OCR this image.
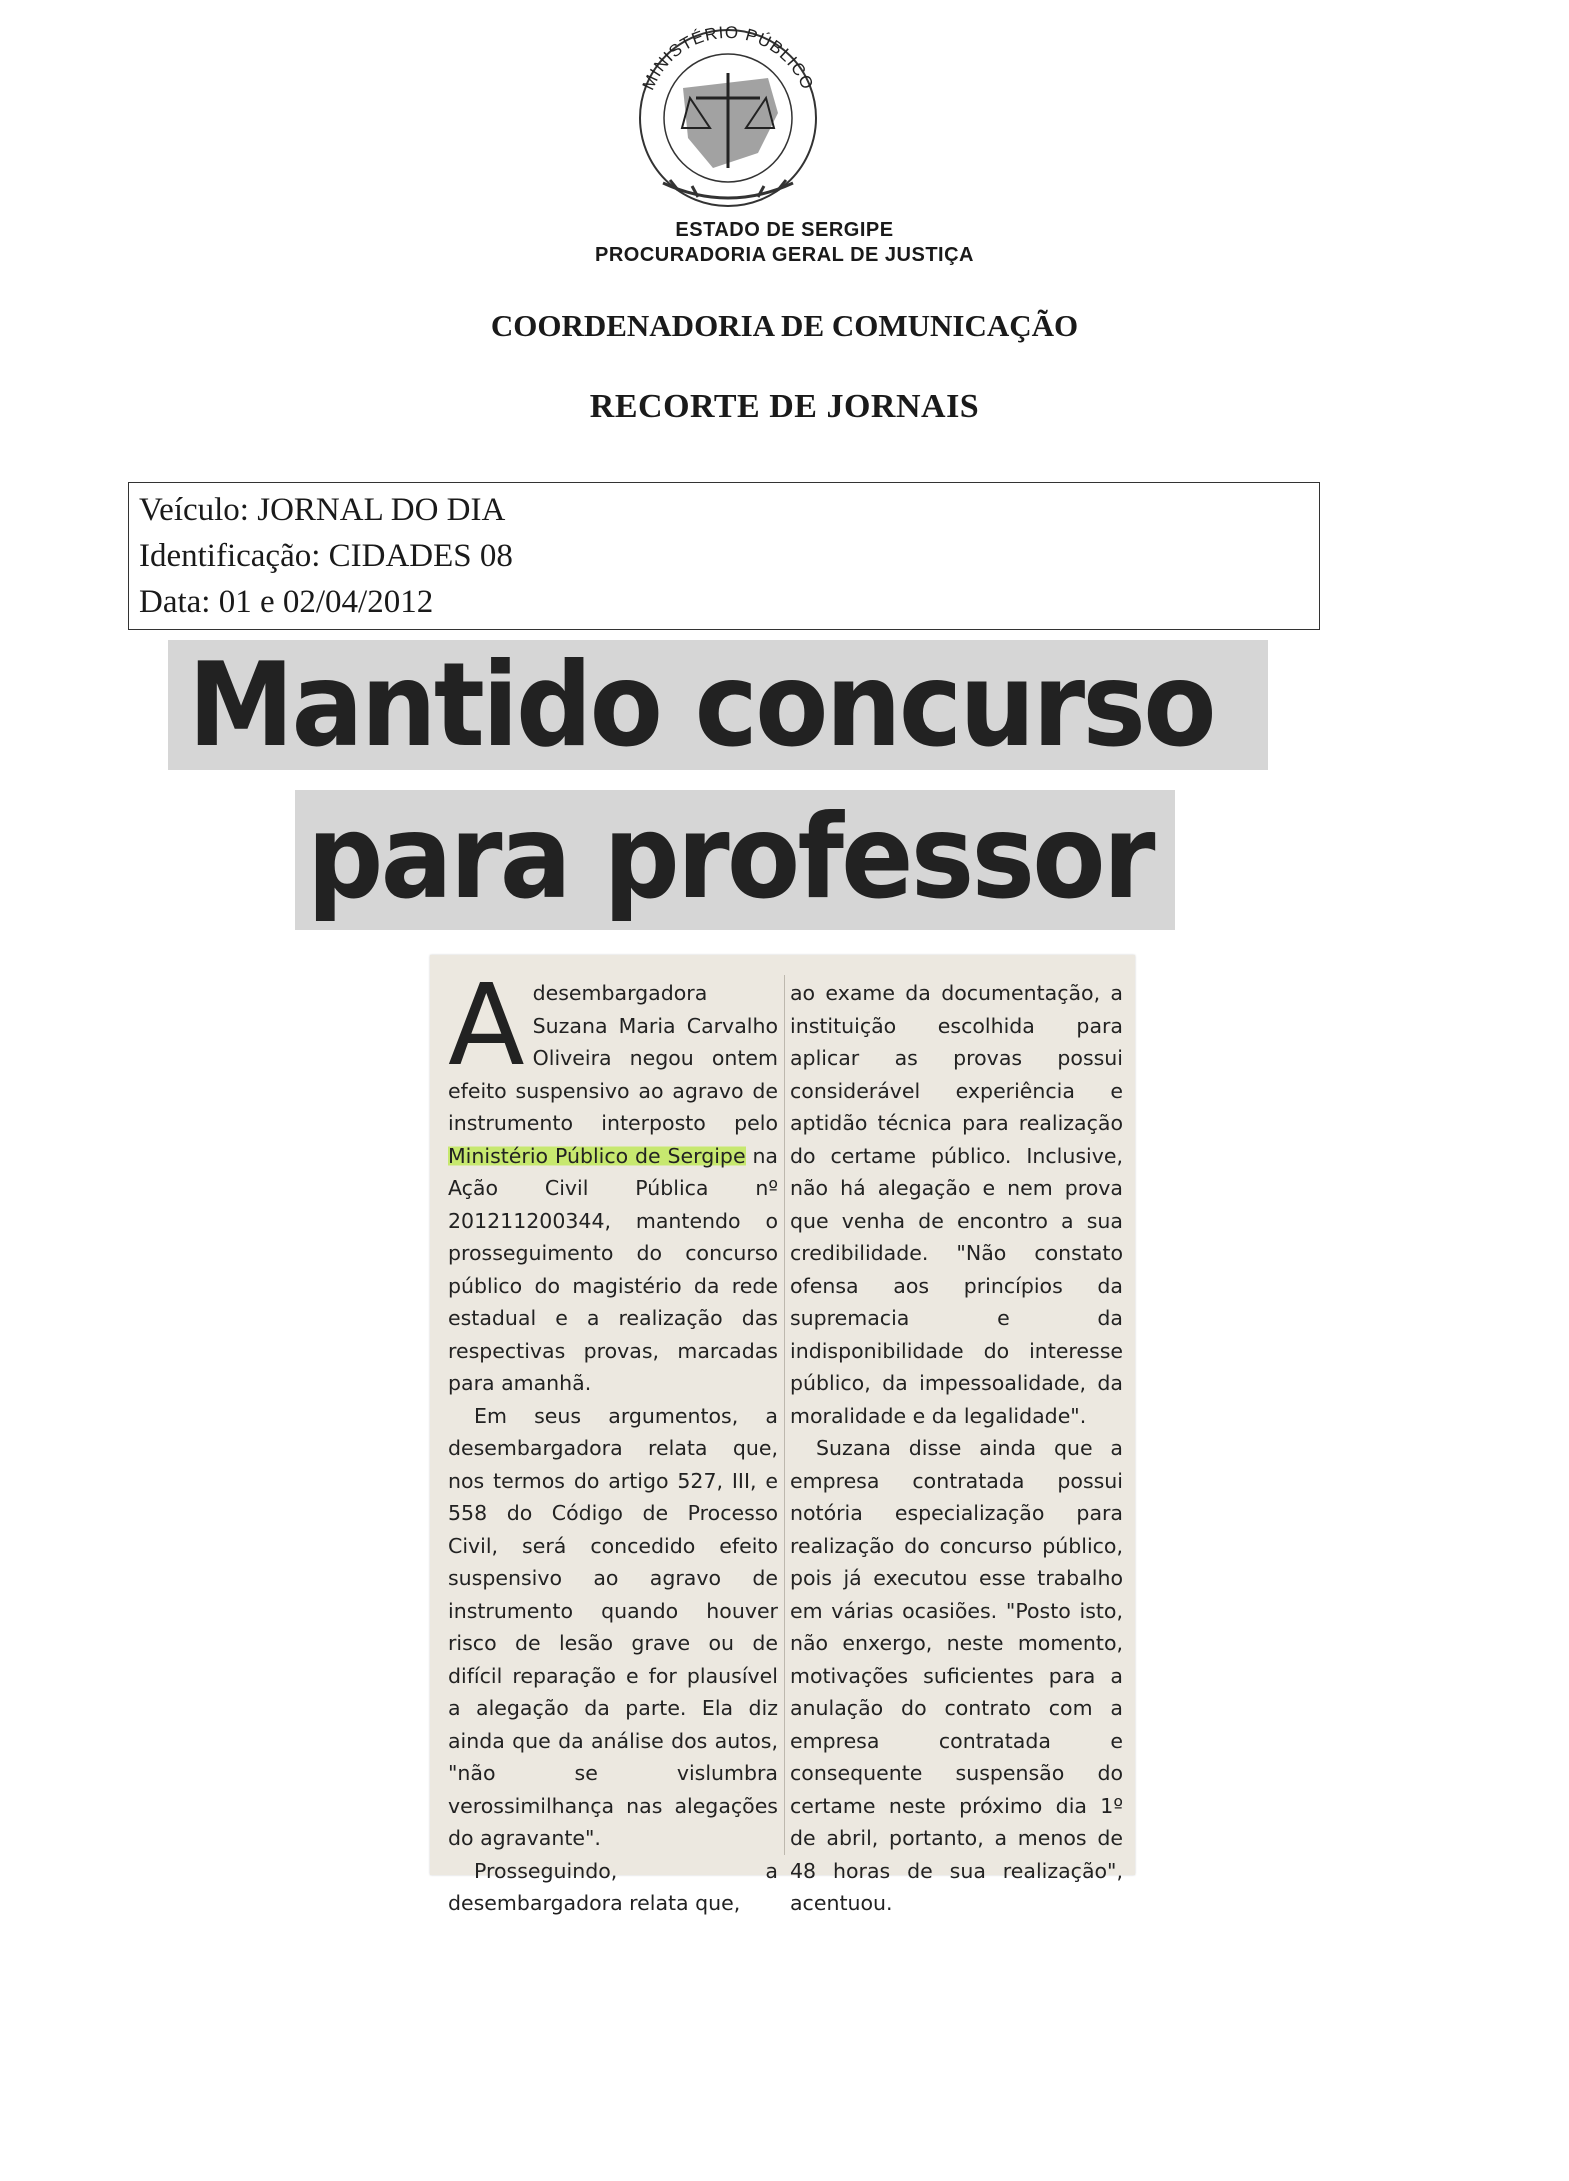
MINISTÉRIO PÚBLICO

ESTADO DE SERGIPE

PROCURADORIA GERAL DE JUSTIÇA

COORDENADORIA DE COMUNICAÇÃO

RECORTE DE JORNAIS

Veículo: JORNAL DO DIA
Identificação: CIDADES 08
Data: 01 e 02/04/2012
Mantido concurso
para professor

Adesembargadora Suzana Maria Carvalho Oliveira negou ontem efeito suspensivo ao agravo de instrumento interposto pelo Ministério Público de Sergipe na Ação Civil Pública nº 201211200344, mantendo o prosseguimento do concurso público do magistério da rede estadual e a realização das respectivas provas, marcadas para amanhã.

Em seus argumentos, a desembargadora relata que, nos termos do artigo 527, III, e 558 do Código de Processo Civil, será concedido efeito suspensivo ao agravo de instrumento quando houver risco de lesão grave ou de difícil reparação e for plausível a alegação da parte. Ela diz ainda que da análise dos autos, "não se vislumbra verossimilhança nas alegações do agravante".

Prosseguindo, a desembargadora relata que,

ao exame da documentação, a instituição escolhida para aplicar as provas possui considerável experiência e aptidão técnica para realização do certame público. Inclusive, não há alegação e nem prova que venha de encontro a sua credibilidade. "Não constato ofensa aos princípios da supremacia e da indisponibilidade do interesse público, da impessoalidade, da moralidade e da legalidade".

Suzana disse ainda que a empresa contratada possui notória especialização para realização do concurso público, pois já executou esse trabalho em várias ocasiões. "Posto isto, não enxergo, neste momento, motivações suficientes para a anulação do contrato com a empresa contratada e consequente suspensão do certame neste próximo dia 1º de abril, portanto, a menos de 48 horas de sua realização", acentuou.
